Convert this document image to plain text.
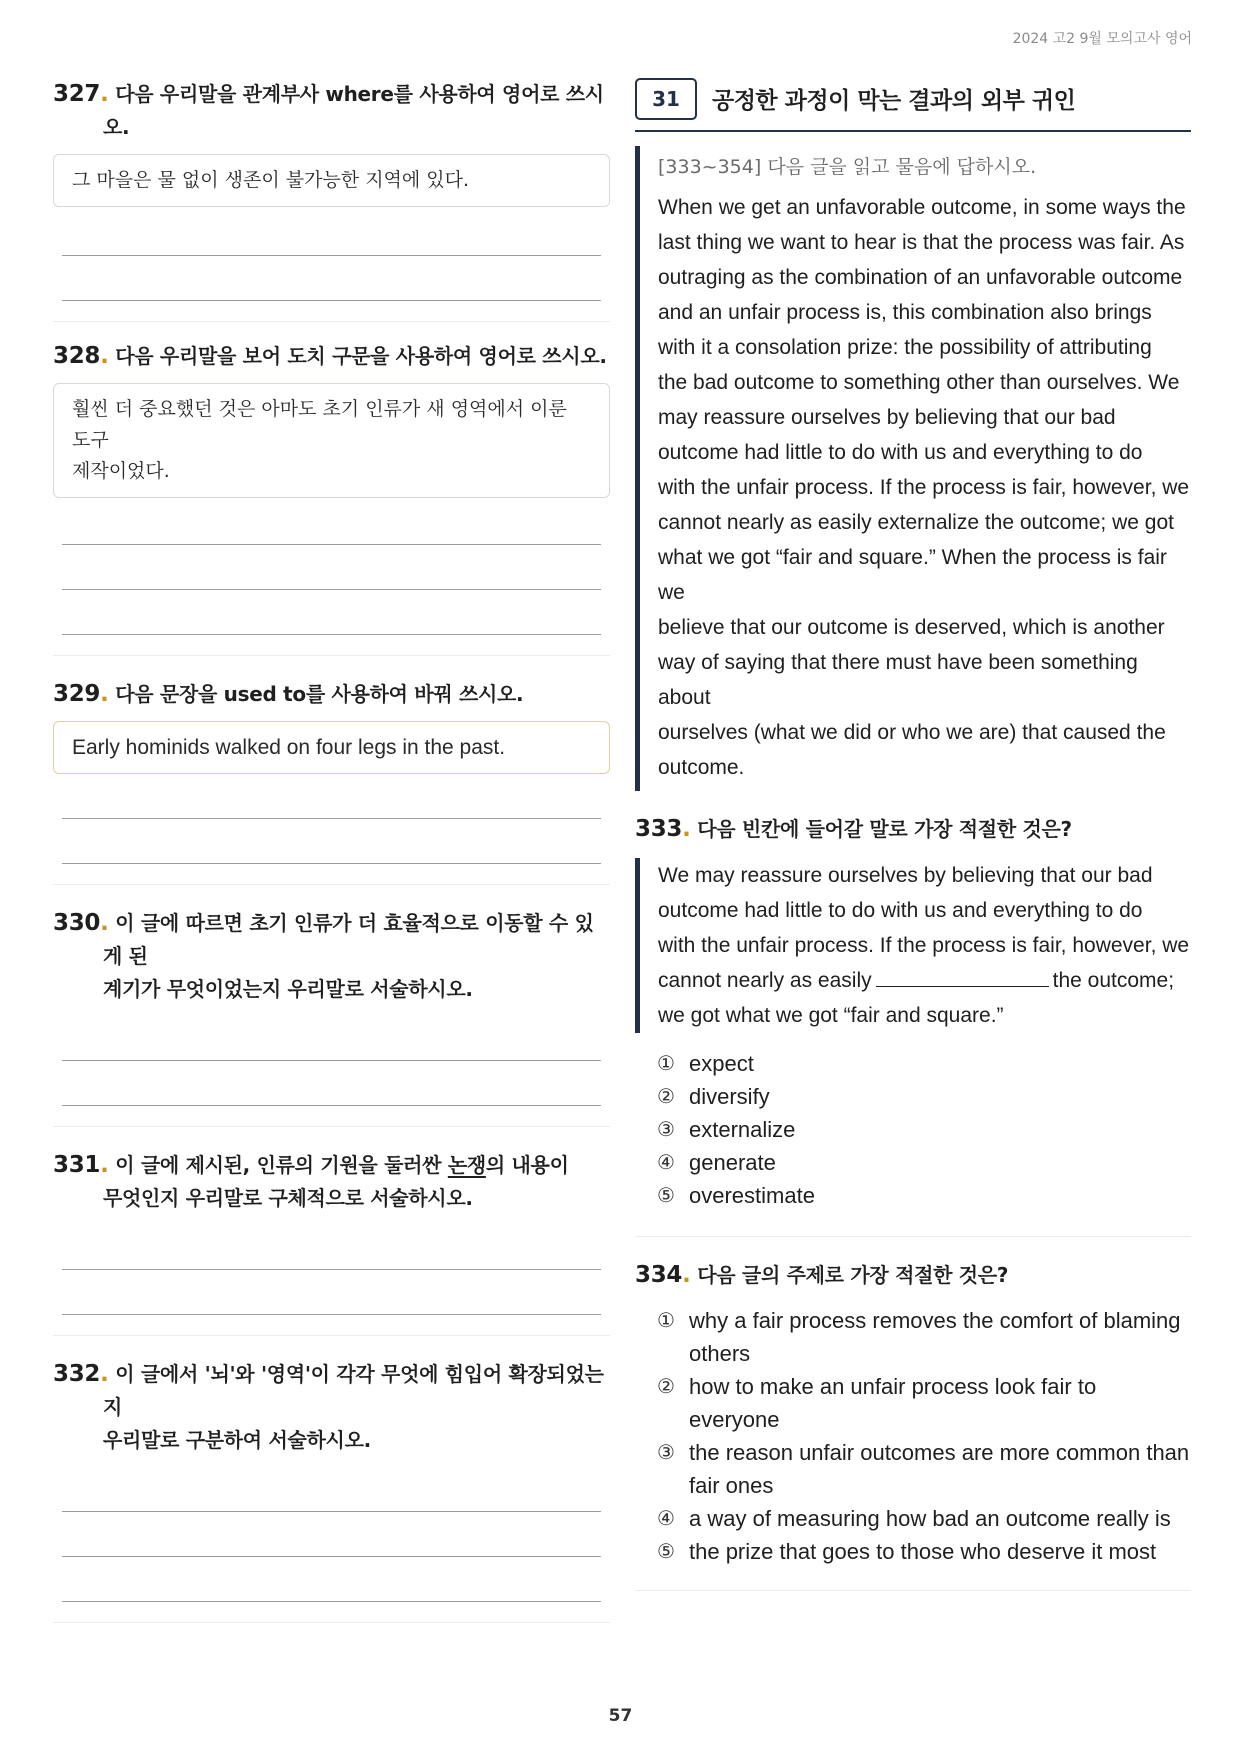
2024 고2 9월 모의고사 영어
327. 다음 우리말을 관계부사 where를 사용하여 영어로 쓰시오.
그 마을은 물 없이 생존이 불가능한 지역에 있다.
328. 다음 우리말을 보어 도치 구문을 사용하여 영어로 쓰시오.
훨씬 더 중요했던 것은 아마도 초기 인류가 새 영역에서 이룬 도구
제작이었다.
329. 다음 문장을 used to를 사용하여 바꿔 쓰시오.
Early hominids walked on four legs in the past.
330. 이 글에 따르면 초기 인류가 더 효율적으로 이동할 수 있게 된
계기가 무엇이었는지 우리말로 서술하시오.
331. 이 글에 제시된, 인류의 기원을 둘러싼 논쟁의 내용이
무엇인지 우리말로 구체적으로 서술하시오.
332. 이 글에서 '뇌'와 '영역'이 각각 무엇에 힘입어 확장되었는지
우리말로 구분하여 서술하시오.
31	공정한 과정이 막는 결과의 외부 귀인
[333~354] 다음 글을 읽고 물음에 답하시오.
When we get an unfavorable outcome, in some ways the
last thing we want to hear is that the process was fair. As
outraging as the combination of an unfavorable outcome
and an unfair process is, this combination also brings
with it a consolation prize: the possibility of attributing
the bad outcome to something other than ourselves. We
may reassure ourselves by believing that our bad
outcome had little to do with us and everything to do
with the unfair process. If the process is fair, however, we
cannot nearly as easily externalize the outcome; we got
what we got “fair and square.” When the process is fair we
believe that our outcome is deserved, which is another
way of saying that there must have been something about
ourselves (what we did or who we are) that caused the
outcome.
333. 다음 빈칸에 들어갈 말로 가장 적절한 것은?
We may reassure ourselves by believing that our bad
outcome had little to do with us and everything to do
with the unfair process. If the process is fair, however, we
cannot nearly as easily	the outcome;
we got what we got “fair and square.”
① expect
② diversify
③ externalize
④ generate
⑤ overestimate
334. 다음 글의 주제로 가장 적절한 것은?
① why a fair process removes the comfort of blaming others
② how to make an unfair process look fair to everyone
③ the reason unfair outcomes are more common than fair ones
④ a way of measuring how bad an outcome really is
⑤ the prize that goes to those who deserve it most
57
